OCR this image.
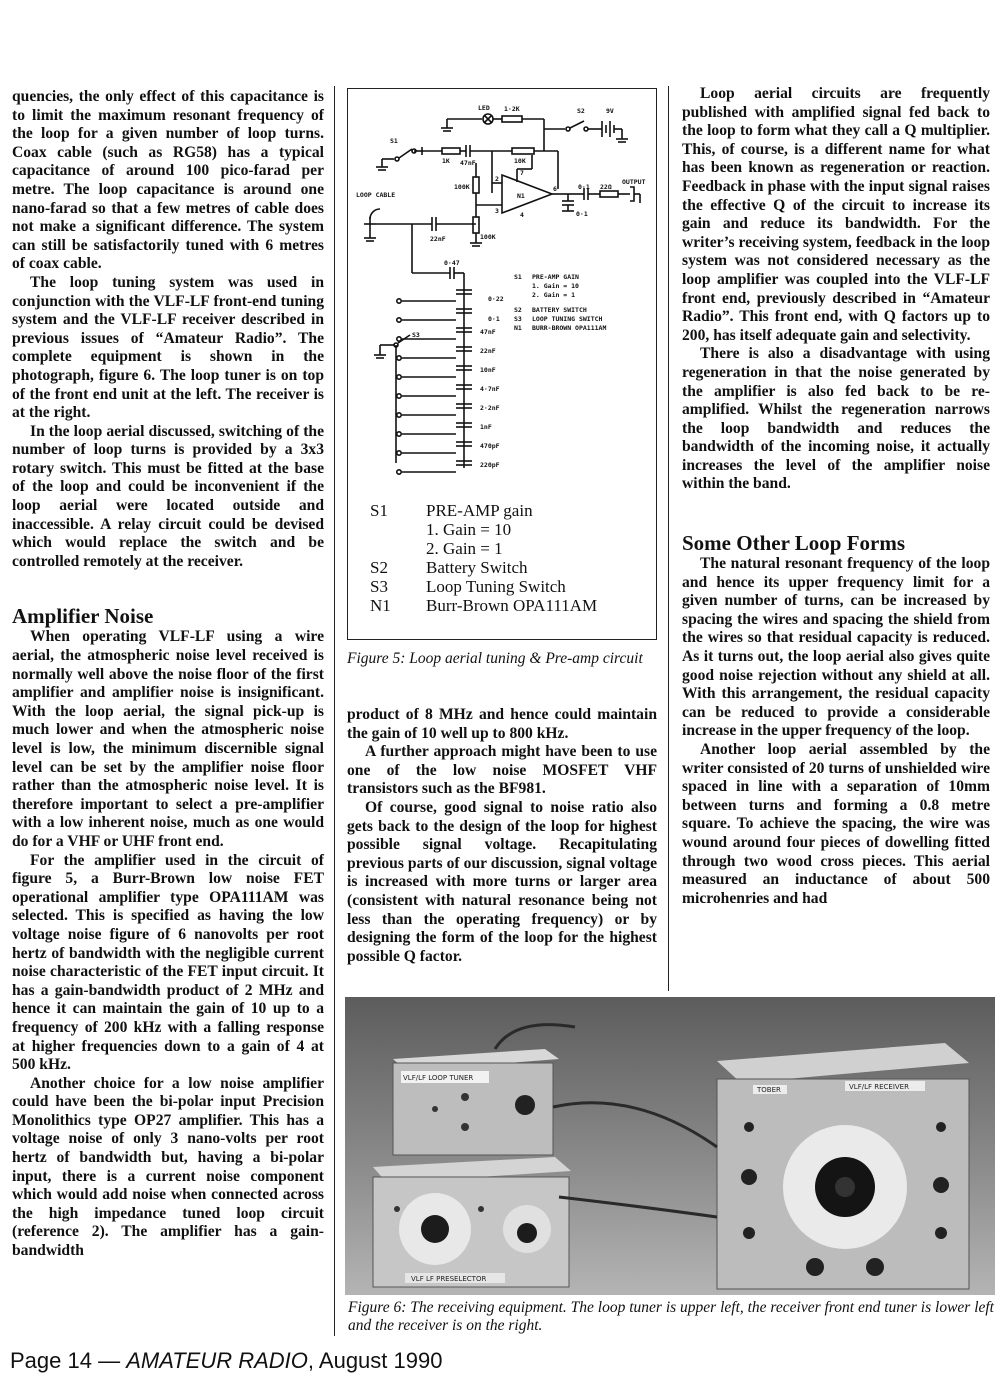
quencies, the only effect of this capacitance is to limit the maximum resonant frequency of the loop for a given number of loop turns. Coax cable (such as RG58) has a typical capacitance of around 100 pico-farad per metre. The loop capacitance is around one nano-farad so that a few metres of cable does not make a significant difference. The system can still be satisfactorily tuned with 6 metres of coax cable.

The loop tuning system was used in conjunction with the VLF-LF front-end tuning system and the VLF-LF receiver described in previous issues of “Amateur Radio”. The complete equipment is shown in the photograph, figure 6. The loop tuner is on top of the front end unit at the left. The receiver is at the right.

In the loop aerial discussed, switching of the number of loop turns is provided by a 3x3 rotary switch. This must be fitted at the base of the loop and could be inconvenient if the loop aerial were located outside and inaccessible. A relay circuit could be devised which would replace the switch and be controlled remotely at the receiver.

Amplifier Noise

When operating VLF-LF using a wire aerial, the atmospheric noise level received is normally well above the noise floor of the first amplifier and amplifier noise is insignificant. With the loop aerial, the signal pick-up is much lower and when the atmospheric noise level is low, the minimum discernible signal level can be set by the amplifier noise floor rather than the atmospheric noise level. It is therefore important to select a pre-amplifier with a low inherent noise, much as one would do for a VHF or UHF front end.

For the amplifier used in the circuit of figure 5, a Burr-Brown low noise FET operational amplifier type OPA111AM was selected. This is specified as having the low voltage noise figure of 6 nanovolts per root hertz of bandwidth with the negligible current noise characteristic of the FET input circuit. It has a gain-bandwidth product of 2 MHz and hence it can maintain the gain of 10 up to a frequency of 200 kHz with a falling response at higher frequencies down to a gain of 4 at 500 kHz.

Another choice for a low noise amplifier could have been the bi-polar input Precision Monolithics type OP27 amplifier. This has a voltage noise of only 3 nano-volts per root hertz of bandwidth but, having a bi-polar input, there is a current noise component which would add noise when connected across the high impedance tuned loop circuit (reference 2). The amplifier has a gain-bandwidth

LED 1·2K	S2	9V
S1
1K 47nF	10K
OUTPUT
LOOP CABLE
22nF
100K
100K
N1
2
3
6
7
4
0·1
0·1
22Ω
0·47
0·22
0·1
S3	47nF
22nF
10nF
4·7nF
2·2nF
1nF
470pF
220pF
S1 PRE-AMP GAIN
1. Gain = 10
2. Gain = 1
S2 BATTERY SWITCH
S3 LOOP TUNING SWITCH
N1 BURR-BROWN OPA111AM
S1	PRE-AMP gain
1. Gain = 10
2. Gain = 1
S2	Battery Switch
S3	Loop Tuning Switch
N1	Burr-Brown OPA111AM
Figure 5: Loop aerial tuning & Pre-amp circuit

product of 8 MHz and hence could maintain the gain of 10 well up to 800 kHz.

A further approach might have been to use one of the low noise MOSFET VHF transistors such as the BF981.

Of course, good signal to noise ratio also gets back to the design of the loop for highest possible signal voltage. Recapitulating previous parts of our discussion, signal voltage is increased with more turns or larger area (consistent with natural resonance being not less than the operating frequency) or by designing the form of the loop for the highest possible Q factor.

Loop aerial circuits are frequently published with amplified signal fed back to the loop to form what they call a Q multiplier. This, of course, is a different name for what has been known as regeneration or reaction. Feedback in phase with the input signal raises the effective Q of the circuit to increase its gain and reduce its bandwidth. For the writer’s receiving system, feedback in the loop system was not considered necessary as the loop amplifier was coupled into the VLF-LF front end, previously described in “Amateur Radio”. This front end, with Q factors up to 200, has itself adequate gain and selectivity.

There is also a disadvantage with using regeneration in that the noise generated by the amplifier is also fed back to be re-amplified. Whilst the regeneration narrows the loop bandwidth and reduces the bandwidth of the incoming noise, it actually increases the level of the amplifier noise within the band.

Some Other Loop Forms

The natural resonant frequency of the loop and hence its upper frequency limit for a given number of turns, can be increased by spacing the wires and spacing the shield from the wires so that residual capacity is reduced. As it turns out, the loop aerial also gives quite good noise rejection without any shield at all. With this arrangement, the residual capacity can be reduced to provide a considerable increase in the upper frequency of the loop.

Another loop aerial assembled by the writer consisted of 20 turns of unshielded wire spaced in line with a separation of 10mm between turns and forming a 0.8 metre square. To achieve the spacing, the wire was wound around four pieces of dowelling fitted through two wood cross pieces. This aerial measured an inductance of about 500 microhenries and had

VLF/LF LOOP TUNER
VLF LF PRESELECTOR
TOBER	VLF/LF RECEIVER
Figure 6: The receiving equipment. The loop tuner is upper left, the receiver front end tuner is lower left and the receiver is on the right.
Page 14 — AMATEUR RADIO, August 1990
